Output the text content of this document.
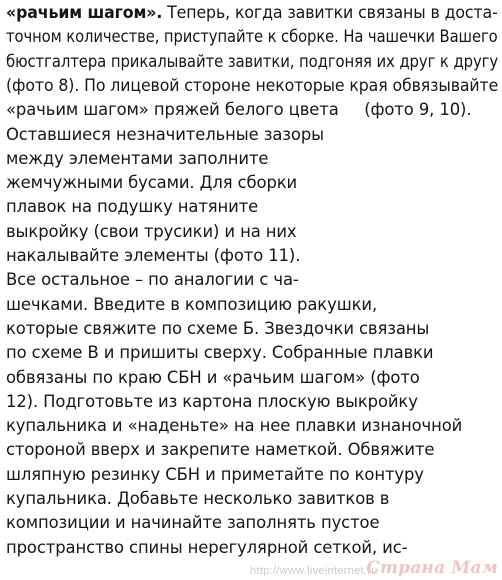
«рачьим шагом». Теперь, когда завитки связаны в доста-
точном количестве, приступайте к сборке. На чашечки Вашего
бюстгалтера прикалывайте завитки, подгоняя их друг к другу
(фото 8). По лицевой стороне некоторые края обвязывайте
«рачьим шагом» пряжей белого цвета     (фото 9, 10).
Оставшиеся незначительные зазоры
между элементами заполните
жемчужными бусами. Для сборки
плавок на подушку натяните
выкройку (свои трусики) и на них
накалывайте элементы (фото 11).
Все остальное – по аналогии с ча-
шечками. Введите в композицию ракушки,
которые свяжите по схеме Б. Звездочки связаны
по схеме В и пришиты сверху. Собранные плавки
обвязаны по краю СБН и «рачьим шагом» (фото
12). Подготовьте из картона плоскую выкройку
купальника и «наденьте» на нее плавки изнаночной
стороной вверх и закрепите наметкой. Обвяжите
шляпную резинку СБН и приметайте по контуру
купальника. Добавьте несколько завитков в
композиции и начинайте заполнять пустое
пространство спины нерегулярной сеткой, ис-
http://www.liveinternet.ru
Страна Мам
